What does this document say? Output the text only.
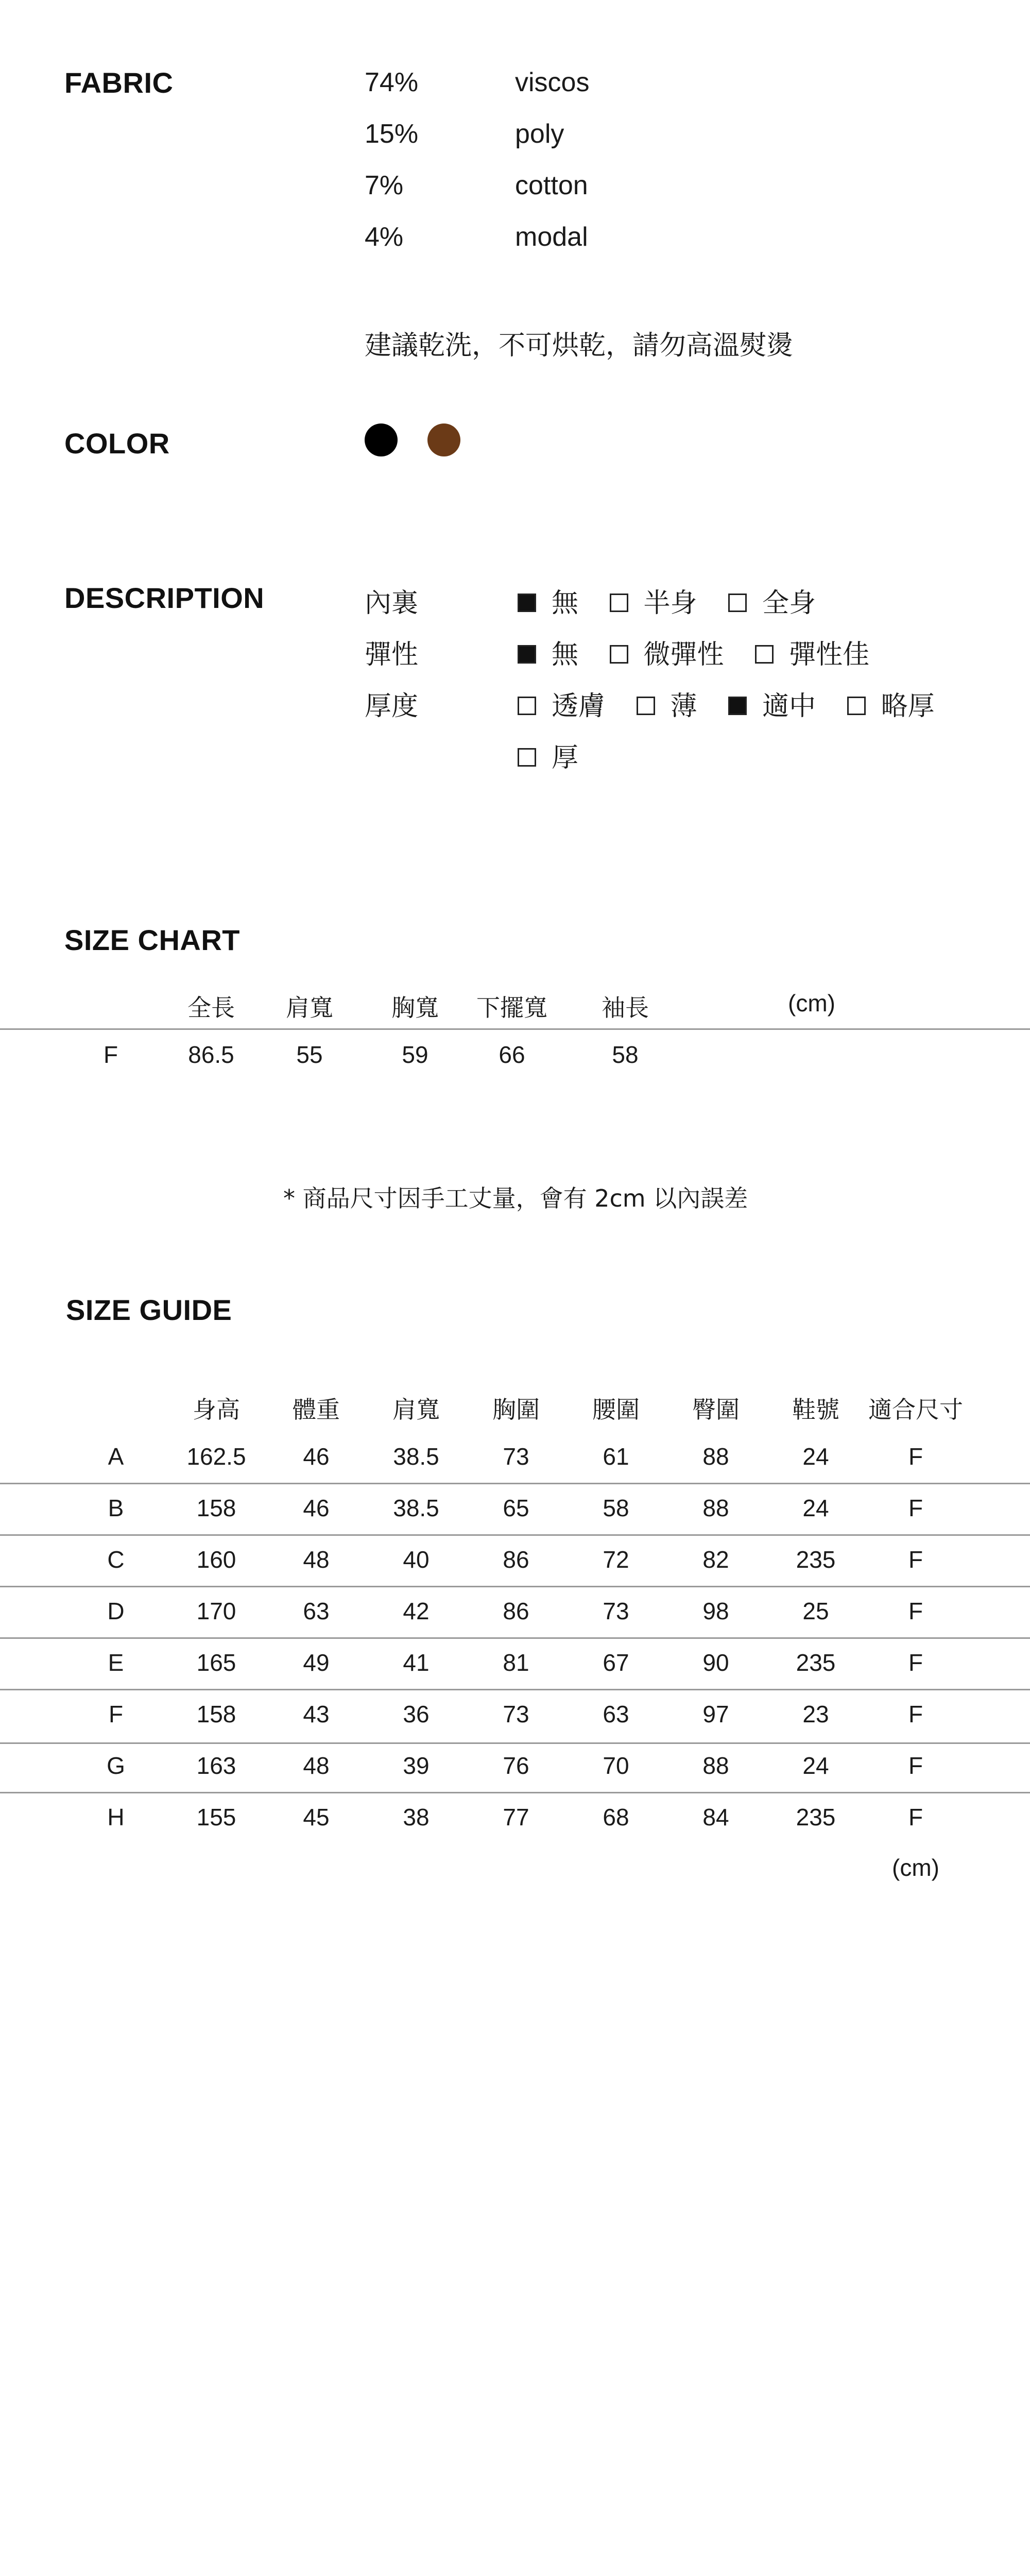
FABRIC	74%	viscos
15%	poly
7%	cotton
4%	modal
建議乾洗，不可烘乾，請勿高溫熨燙
COLOR
DESCRIPTION	內裏	無 半身 全身
彈性	無 微彈性 彈性佳
厚度	透膚 薄 適中 略厚
厚
SIZE CHART
全長 肩寬 胸寬 下擺寬 袖長	(cm)
F	86.5	55	59	66	58
* 商品尺寸因手工丈量，會有 2cm 以內誤差
SIZE GUIDE
身高 體重 肩寬 胸圍 腰圍 臀圍 鞋號 適合尺寸
A	162.5 46	38.5	73	61	88	24	F
B	158	46	38.5	65	58	88	24	F
C	160	48	40	86	72	82	235	F
D	170	63	42	86	73	98	25	F
E	165	49	41	81	67	90	235	F
F	158	43	36	73	63	97	23	F
G	163	48	39	76	70	88	24	F
H	155	45	38	77	68	84	235	F
(cm)
